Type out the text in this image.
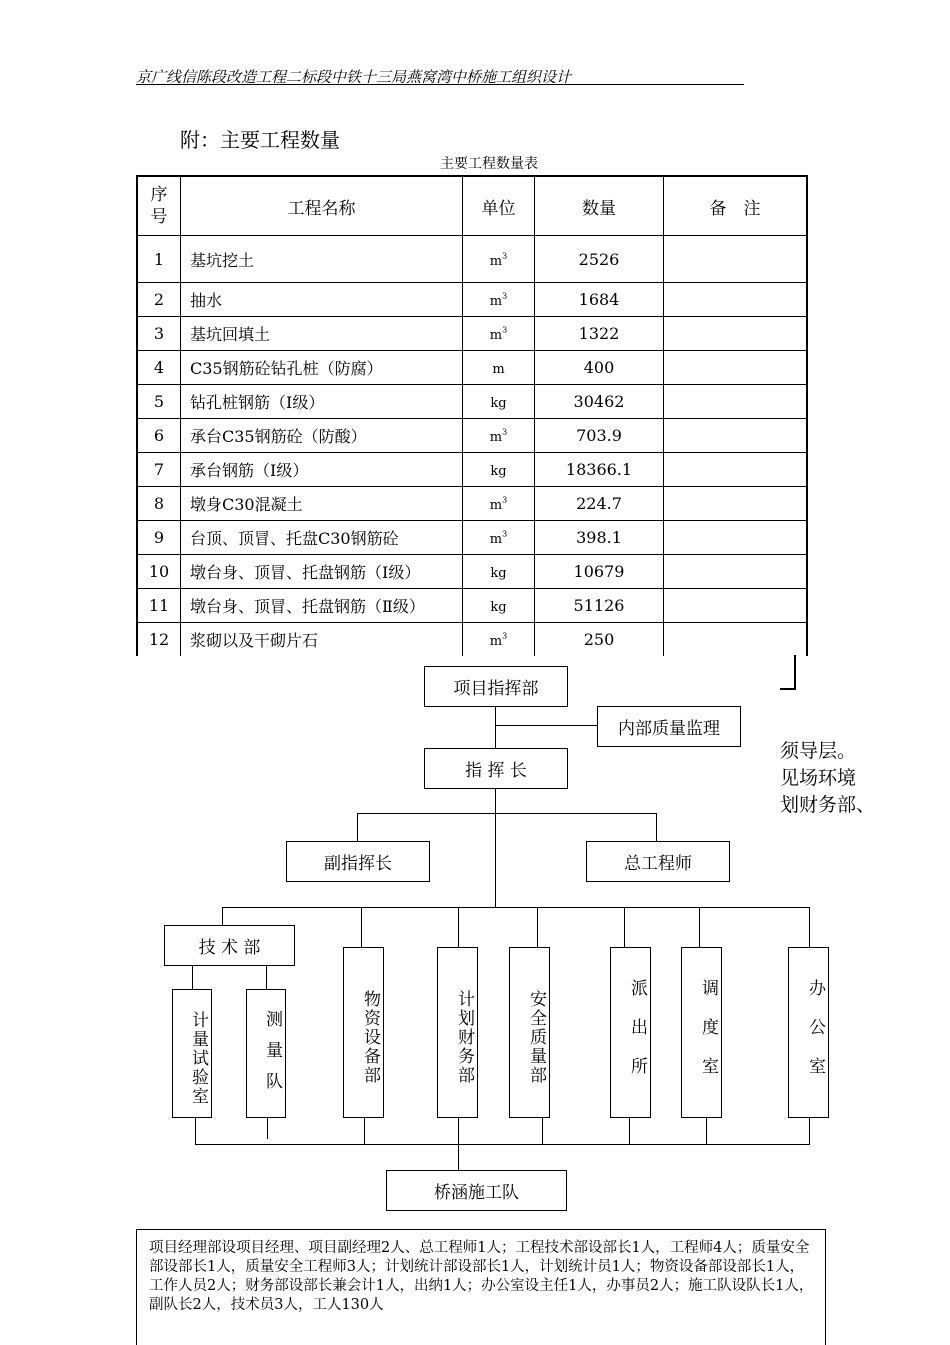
京广线信陈段改造工程二标段中铁十三局燕窝湾中桥施工组织设计
附：主要工程数量
主要工程数量表
序
号	工程名称	单位	数量	备　注
1	基坑挖土	$m^3$	2526	
2	抽水	$m^3$	1684	
3	基坑回填土	$m^3$	1322	
4	C35钢筋砼钻孔桩（防腐）	m	400	
5	钻孔桩钢筋（Ⅰ级）	kg	30462	
6	承台C35钢筋砼（防酸）	$m^3$	703.9	
7	承台钢筋（Ⅰ级）	kg	18366.1	
8	墩身C30混凝土	$m^3$	224.7	
9	台顶、顶冒、托盘C30钢筋砼	$m^3$	398.1	
10	墩台身、顶冒、托盘钢筋（Ⅰ级）	kg	10679	
11	墩台身、顶冒、托盘钢筋（Ⅱ级）	kg	51126	
12	浆砌以及干砌片石	$m^3$	250	
项目指挥部
内部质量监理
指 挥 长
副指挥长	总工程师
技 术 部
计量试验室	测量队	物资设备部	计划财务部	安全质量部	派出所	调度室	办公室
桥涵施工队
须导层。
见场环境
划财务部、
项目经理部设项目经理、项目副经理2人、总工程师1人；工程技术部设部长1人，工程师4人；质量安全部设部长1人，质量安全工程师3人；计划统计部设部长1人，计划统计员1人；物资设备部设部长1人，工作人员2人；财务部设部长兼会计1人，出纳1人；办公室设主任1人，办事员2人；施工队设队长1人，副队长2人，技术员3人，工人130人
